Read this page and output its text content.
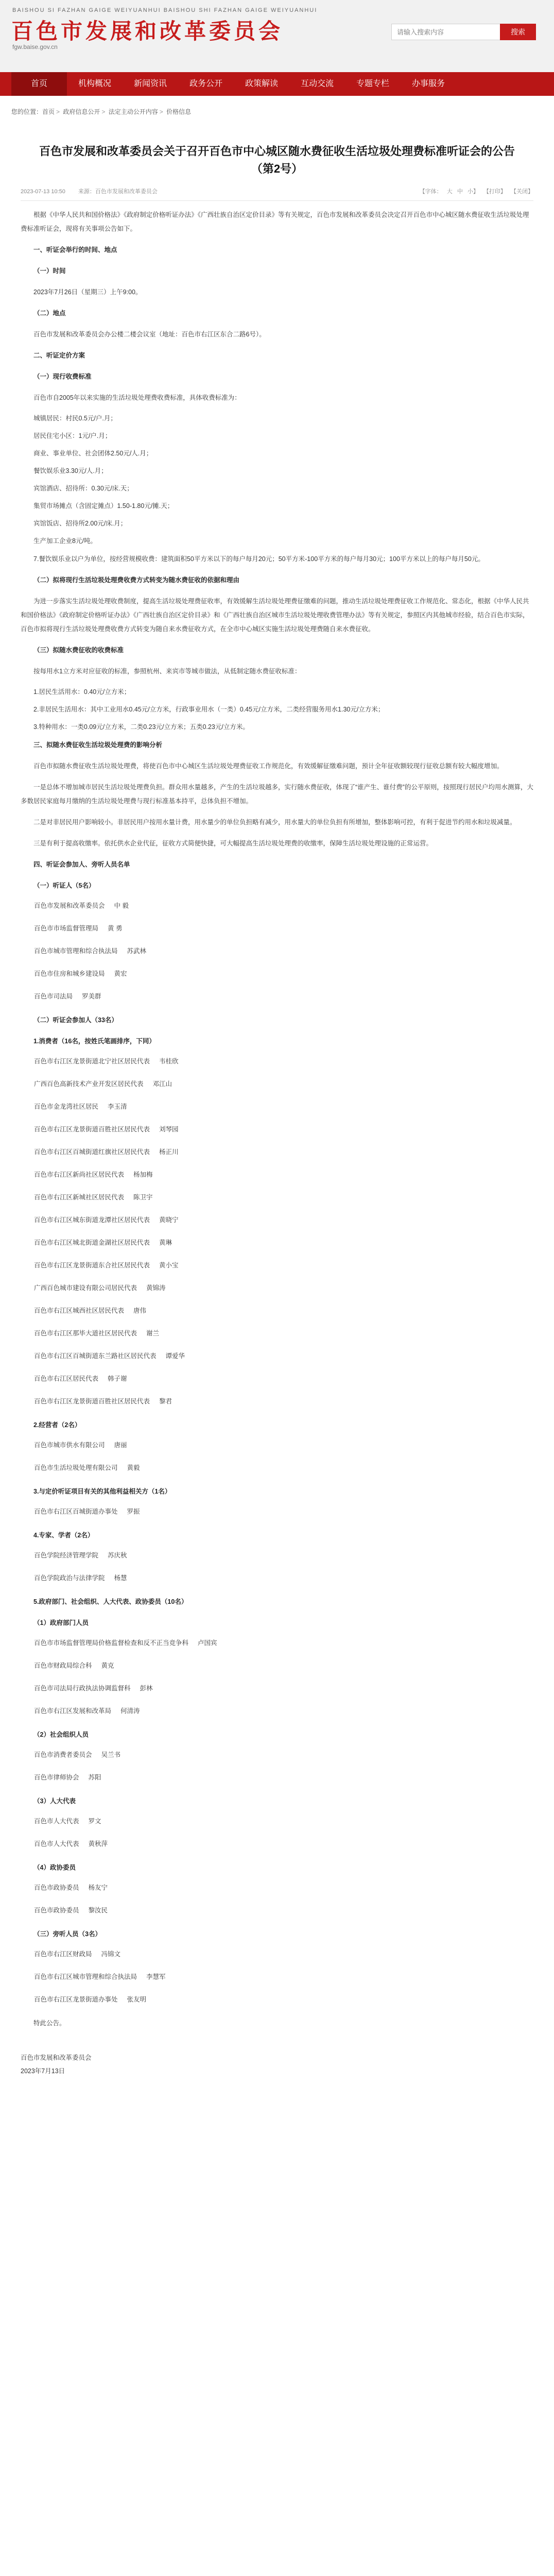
BAISHOU SI FAZHAN GAIGE WEIYUANHUI BAISHOU SHI FAZHAN GAIGE WEIYUANHUI
百色市发展和改革委员会
fgw.baise.gov.cn
请输入搜索内容
搜索
首页	机构概况	新闻资讯	政务公开	政策解读	互动交流	专题专栏	办事服务
您的位置：首页 > 政府信息公开 > 法定主动公开内容 > 价格信息
百色市发展和改革委员会关于召开百色市中心城区随水费征收生活垃圾处理费标准听证会的公告（第2号）
2023-07-13 10:50 来源：百色市发展和改革委员会	【字体： 大 中 小】 【打印】 【关闭】

根据《中华人民共和国价格法》《政府制定价格听证办法》《广西壮族自治区定价目录》等有关规定，百色市发展和改革委员会决定召开百色市中心城区随水费征收生活垃圾处理费标准听证会，现将有关事项公告如下。

一、听证会举行的时间、地点

（一）时间

2023年7月26日（星期三）上午9:00。

（二）地点

百色市发展和改革委员会办公楼二楼会议室（地址：百色市右江区东合二路6号）。

二、听证定价方案

（一）现行收费标准

百色市自2005年以来实施的生活垃圾处理费收费标准，具体收费标准为：

城镇居民：村民0.5元/户.月；

居民住宅小区：1元/户.月；

商业、事业单位、社会团体2.50元/人.月；

餐饮娱乐业3.30元/人.月；

宾馆酒店、招待所：0.30元/床.天；

集贸市场摊点（含固定摊点）1.50-1.80元/摊.天；

宾馆饭店、招待所2.00元/床.月；

生产加工企业8元/吨。

7.餐饮娱乐业以户为单位，按经营规模收费：建筑面积50平方米以下的每户每月20元；50平方米-100平方米的每户每月30元；100平方米以上的每户每月50元。

（二）拟将现行生活垃圾处理费收费方式转变为随水费征收的依据和理由

为进一步落实生活垃圾处理收费制度，提高生活垃圾处理费征收率，有效缓解生活垃圾处理费征缴难的问题，推动生活垃圾处理费征收工作规范化、常态化，根据《中华人民共和国价格法》《政府制定价格听证办法》《广西壮族自治区定价目录》和《广西壮族自治区城市生活垃圾处理收费管理办法》等有关规定，参照区内其他城市经验，结合百色市实际，百色市拟将现行生活垃圾处理费收费方式转变为随自来水费征收方式，在全市中心城区实施生活垃圾处理费随自来水费征收。

（三）拟随水费征收的收费标准

按每用水1立方米对应征收的标准，参照杭州、来宾市等城市做法，从低制定随水费征收标准：

1.居民生活用水：0.40元/立方米；

2.非居民生活用水：其中工业用水0.45元/立方米，行政事业用水（一类）0.45元/立方米，二类经营服务用水1.30元/立方米；

3.特种用水：一类0.09元/立方米，二类0.23元/立方米；五类0.23元/立方米。

三、拟随水费征收生活垃圾处理费的影响分析

百色市拟随水费征收生活垃圾处理费，将使百色市中心城区生活垃圾处理费征收工作规范化，有效缓解征缴难问题，预计全年征收额较现行征收总额有较大幅度增加。

一是总体不增加城市居民生活垃圾处理费负担。群众用水量越多，产生的生活垃圾越多，实行随水费征收，体现了“谁产生、谁付费”的公平原则，按照现行居民户均用水测算，大多数居民家庭每月缴纳的生活垃圾处理费与现行标准基本持平，总体负担不增加。

二是对非居民用户影响较小。非居民用户按用水量计费，用水量少的单位负担略有减少，用水量大的单位负担有所增加，整体影响可控，有利于促进节约用水和垃圾减量。

三是有利于提高收缴率。依托供水企业代征，征收方式简便快捷，可大幅提高生活垃圾处理费的收缴率，保障生活垃圾处理设施的正常运营。

四、听证会参加人、旁听人员名单

（一）听证人（5名）

百色市发展和改革委员会 中 毅
百色市市场监督管理局 黄 勇
百色市城市管理和综合执法局 苏武林
百色市住房和城乡建设局 黄宏
百色市司法局 罗美群

（二）听证会参加人（33名）

1.消费者（16名，按姓氏笔画排序，下同）

百色市右江区龙景街道北宁社区居民代表 韦桂欣
广西百色高新技术产业开发区居民代表 邓江山
百色市金龙湾社区居民 李玉清
百色市右江区龙景街道百胜社区居民代表 刘琴园
百色市右江区百城街道红旗社区居民代表 杨正川
百色市右江区新尚社区居民代表 杨加梅
百色市右江区新城社区居民代表 陈卫宇
百色市右江区城东街道龙潭社区居民代表 黄晓宁
百色市右江区城北街道金湖社区居民代表 黄琳
百色市右江区龙景街道东合社区居民代表 黄小宝
广西百色城市建设有限公司居民代表 黄锦涛
百色市右江区城西社区居民代表 唐伟
百色市右江区那毕大道社区居民代表 谢兰
百色市右江区百城街道东兰路社区居民代表 谭爱华
百色市右江区居民代表 韩子谢
百色市右江区龙景街道百胜社区居民代表 黎君

2.经营者（2名）

百色市城市供水有限公司 唐丽
百色市生活垃圾处理有限公司 黄毅

3.与定价听证项目有关的其他利益相关方（1名）

百色市右江区百城街道办事处 罗振

4.专家、学者（2名）

百色学院经济管理学院 苏庆秋
百色学院政治与法律学院 杨慧

5.政府部门、社会组织、人大代表、政协委员（10名）

（1）政府部门人员

百色市市场监督管理局价格监督检查和反不正当竞争科 卢国宾
百色市财政局综合科 黄克
百色市司法局行政执法协调监督科 彭林
百色市右江区发展和改革局 何清涛

（2）社会组织人员

百色市消费者委员会 吴兰书
百色市律师协会 苏阳

（3）人大代表

百色市人大代表 罗文
百色市人大代表 黄秋萍

（4）政协委员

百色市政协委员 杨友宁
百色市政协委员 黎汝民

（三）旁听人员（3名）

百色市右江区财政局 冯锦文
百色市右江区城市管理和综合执法局 李慧军
百色市右江区龙景街道办事处 张友明

特此公告。

百色市发展和改革委员会
2023年7月13日
